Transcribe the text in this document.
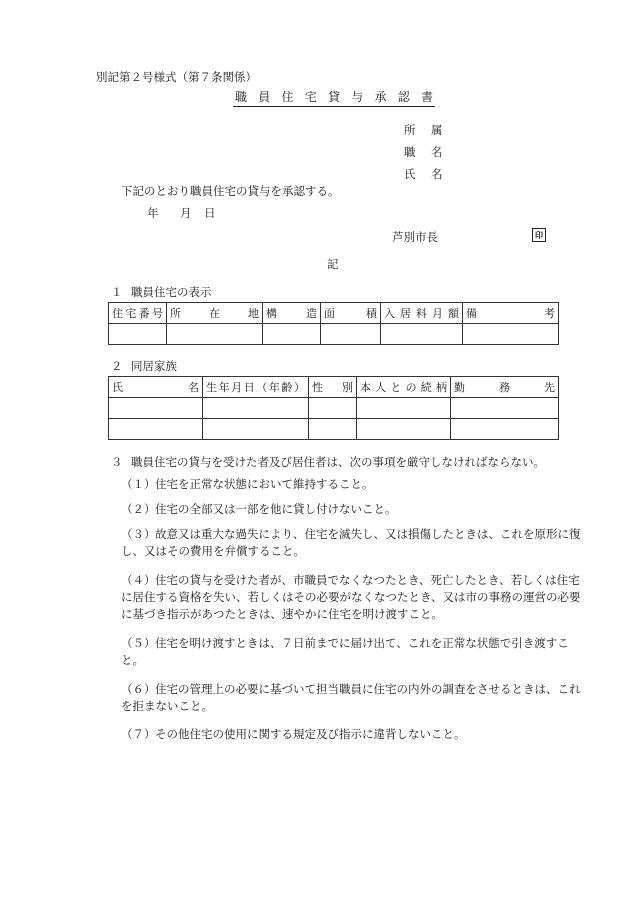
別記第２号様式（第７条関係）
職員住宅貸与承認書
所　属
職　名
氏　名
下記のとおり職員住宅の貸与を承認する。
年 月 日
芦別市長	印
記
１ 職員住宅の表示
住宅番号	所在地	構造	面積	入居料月額	備考

２ 同居家族
氏名	生年月日（年齢）	性別	本人との続柄	勤務先

３ 職員住宅の貸与を受けた者及び居住者は、次の事項を厳守しなければならない。
（１）住宅を正常な状態において維持すること。
（２）住宅の全部又は一部を他に貸し付けないこと。
（３）故意又は重大な過失により、住宅を滅失し、又は損傷したときは、これを原形に復し、又はその費用を弁償すること。
（４）住宅の貸与を受けた者が、市職員でなくなつたとき、死亡したとき、若しくは住宅に居住する資格を失い、若しくはその必要がなくなつたとき、又は市の事務の運営の必要に基づき指示があつたときは、速やかに住宅を明け渡すこと。
（５）住宅を明け渡すときは、７日前までに届け出て、これを正常な状態で引き渡すこと。
（６）住宅の管理上の必要に基づいて担当職員に住宅の内外の調査をさせるときは、これを拒まないこと。
（７）その他住宅の使用に関する規定及び指示に違背しないこと。
